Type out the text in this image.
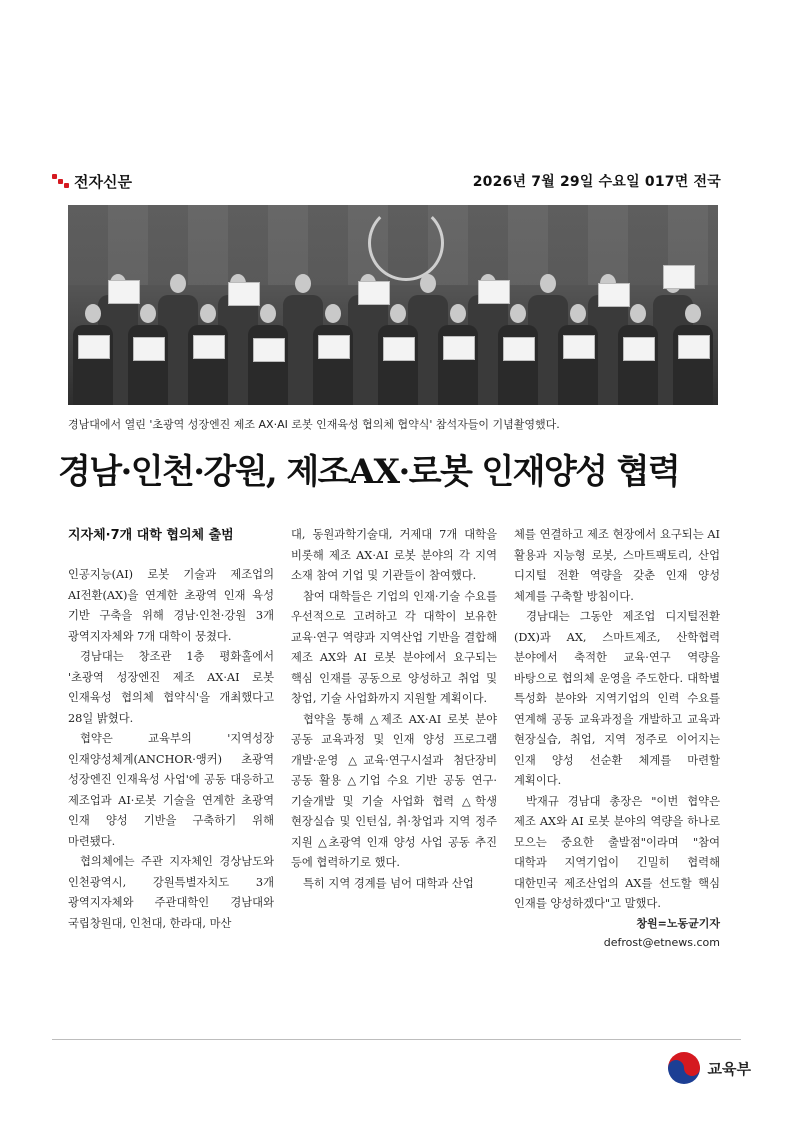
전자신문	2026년 7월 29일 수요일 017면 전국
경남대에서 열린 '초광역 성장엔진 제조 AX·AI 로봇 인재육성 협의체 협약식' 참석자들이 기념촬영했다.
경남·인천·강원, 제조AX·로봇 인재양성 협력
지자체·7개 대학 협의체 출범

인공지능(AI) 로봇 기술과 제조업의 AI전환(AX)을 연계한 초광역 인재 육성 기반 구축을 위해 경남·인천·강원 3개 광역지자체와 7개 대학이 뭉쳤다.

경남대는 창조관 1층 평화홀에서 '초광역 성장엔진 제조 AX·AI 로봇 인재육성 협의체 협약식'을 개최했다고 28일 밝혔다.

협약은 교육부의 '지역성장 인재양성체계(ANCHOR·앵커) 초광역 성장엔진 인재육성 사업'에 공동 대응하고 제조업과 AI·로봇 기술을 연계한 초광역 인재 양성 기반을 구축하기 위해 마련됐다.

협의체에는 주관 지자체인 경상남도와 인천광역시, 강원특별자치도 3개 광역지자체와 주관대학인 경남대와 국립창원대, 인천대, 한라대, 마산

대, 동원과학기술대, 거제대 7개 대학을 비롯해 제조 AX·AI 로봇 분야의 각 지역 소재 참여 기업 및 기관들이 참여했다.

참여 대학들은 기업의 인재·기술 수요를 우선적으로 고려하고 각 대학이 보유한 교육·연구 역량과 지역산업 기반을 결합해 제조 AX와 AI 로봇 분야에서 요구되는 핵심 인재를 공동으로 양성하고 취업 및 창업, 기술 사업화까지 지원할 계획이다.

협약을 통해 △제조 AX·AI 로봇 분야 공동 교육과정 및 인재 양성 프로그램 개발·운영 △교육·연구시설과 첨단장비 공동 활용 △기업 수요 기반 공동 연구·기술개발 및 기술 사업화 협력 △학생 현장실습 및 인턴십, 취·창업과 지역 정주 지원 △초광역 인재 양성 사업 공동 추진 등에 협력하기로 했다.

특히 지역 경계를 넘어 대학과 산업

체를 연결하고 제조 현장에서 요구되는 AI 활용과 지능형 로봇, 스마트팩토리, 산업 디지털 전환 역량을 갖춘 인재 양성 체계를 구축할 방침이다.

경남대는 그동안 제조업 디지털전환(DX)과 AX, 스마트제조, 산학협력 분야에서 축적한 교육·연구 역량을 바탕으로 협의체 운영을 주도한다. 대학별 특성화 분야와 지역기업의 인력 수요를 연계해 공동 교육과정을 개발하고 교육과 현장실습, 취업, 지역 정주로 이어지는 인재 양성 선순환 체계를 마련할 계획이다.

박재규 경남대 총장은 "이번 협약은 제조 AX와 AI 로봇 분야의 역량을 하나로 모으는 중요한 출발점"이라며 "참여 대학과 지역기업이 긴밀히 협력해 대한민국 제조산업의 AX를 선도할 핵심 인재를 양성하겠다"고 말했다.

창원=노동균기자
defrost@etnews.com
교육부
